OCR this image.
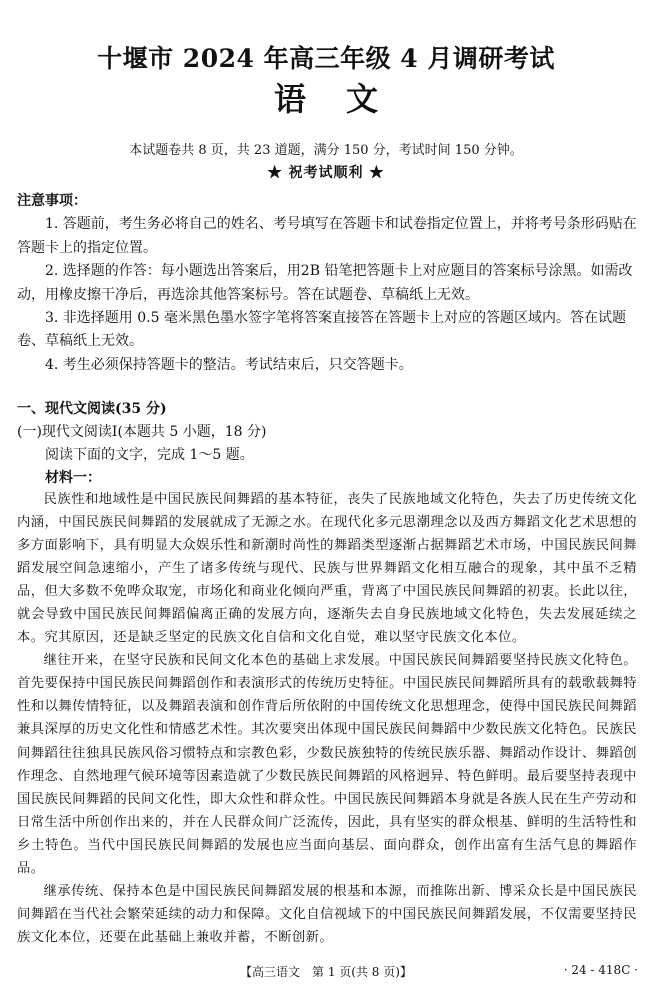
十堰市 2024 年高三年级 4 月调研考试
语文
本试题卷共 8 页，共 23 道题，满分 150 分，考试时间 150 分钟。
★ 祝考试顺利 ★
注意事项：
1. 答题前，考生务必将自己的姓名、考号填写在答题卡和试卷指定位置上，并将考号条形码贴在答题卡上的指定位置。
2. 选择题的作答：每小题选出答案后，用2B 铅笔把答题卡上对应题目的答案标号涂黑。如需改动，用橡皮擦干净后，再选涂其他答案标号。答在试题卷、草稿纸上无效。
3. 非选择题用 0.5 毫米黑色墨水签字笔将答案直接答在答题卡上对应的答题区域内。答在试题卷、草稿纸上无效。
4. 考生必须保持答题卡的整洁。考试结束后，只交答题卡。
一、现代文阅读(35 分)
(一)现代文阅读Ⅰ(本题共 5 小题，18 分)
阅读下面的文字，完成 1～5 题。
材料一：

民族性和地域性是中国民族民间舞蹈的基本特征，丧失了民族地域文化特色，失去了历史传统文化内涵，中国民族民间舞蹈的发展就成了无源之水。在现代化多元思潮理念以及西方舞蹈文化艺术思想的多方面影响下，具有明显大众娱乐性和新潮时尚性的舞蹈类型逐渐占据舞蹈艺术市场，中国民族民间舞蹈发展空间急速缩小，产生了诸多传统与现代、民族与世界舞蹈文化相互融合的现象，其中虽不乏精品，但大多数不免哗众取宠，市场化和商业化倾向严重，背离了中国民族民间舞蹈的初衷。长此以往，就会导致中国民族民间舞蹈偏离正确的发展方向，逐渐失去自身民族地域文化特色，失去发展延续之本。究其原因，还是缺乏坚定的民族文化自信和文化自觉，难以坚守民族文化本位。

继往开来，在坚守民族和民间文化本色的基础上求发展。中国民族民间舞蹈要坚持民族文化特色。首先要保持中国民族民间舞蹈创作和表演形式的传统历史特征。中国民族民间舞蹈所具有的载歌载舞特性和以舞传情特征，以及舞蹈表演和创作背后所依附的中国传统文化思想理念，使得中国民族民间舞蹈兼具深厚的历史文化性和情感艺术性。其次要突出体现中国民族民间舞蹈中少数民族文化特色。民族民间舞蹈往往独具民族风俗习惯特点和宗教色彩，少数民族独特的传统民族乐器、舞蹈动作设计、舞蹈创作理念、自然地理气候环境等因素造就了少数民族民间舞蹈的风格迥异、特色鲜明。最后要坚持表现中国民族民间舞蹈的民间文化性，即大众性和群众性。中国民族民间舞蹈本身就是各族人民在生产劳动和日常生活中所创作出来的，并在人民群众间广泛流传，因此，具有坚实的群众根基、鲜明的生活特性和乡土特色。当代中国民族民间舞蹈的发展也应当面向基层、面向群众，创作出富有生活气息的舞蹈作品。

继承传统、保持本色是中国民族民间舞蹈发展的根基和本源，而推陈出新、博采众长是中国民族民间舞蹈在当代社会繁荣延续的动力和保障。文化自信视域下的中国民族民间舞蹈发展，不仅需要坚持民族文化本位，还要在此基础上兼收并蓄，不断创新。

【高三语文　第 1 页(共 8 页)】	· 24 - 418C ·
